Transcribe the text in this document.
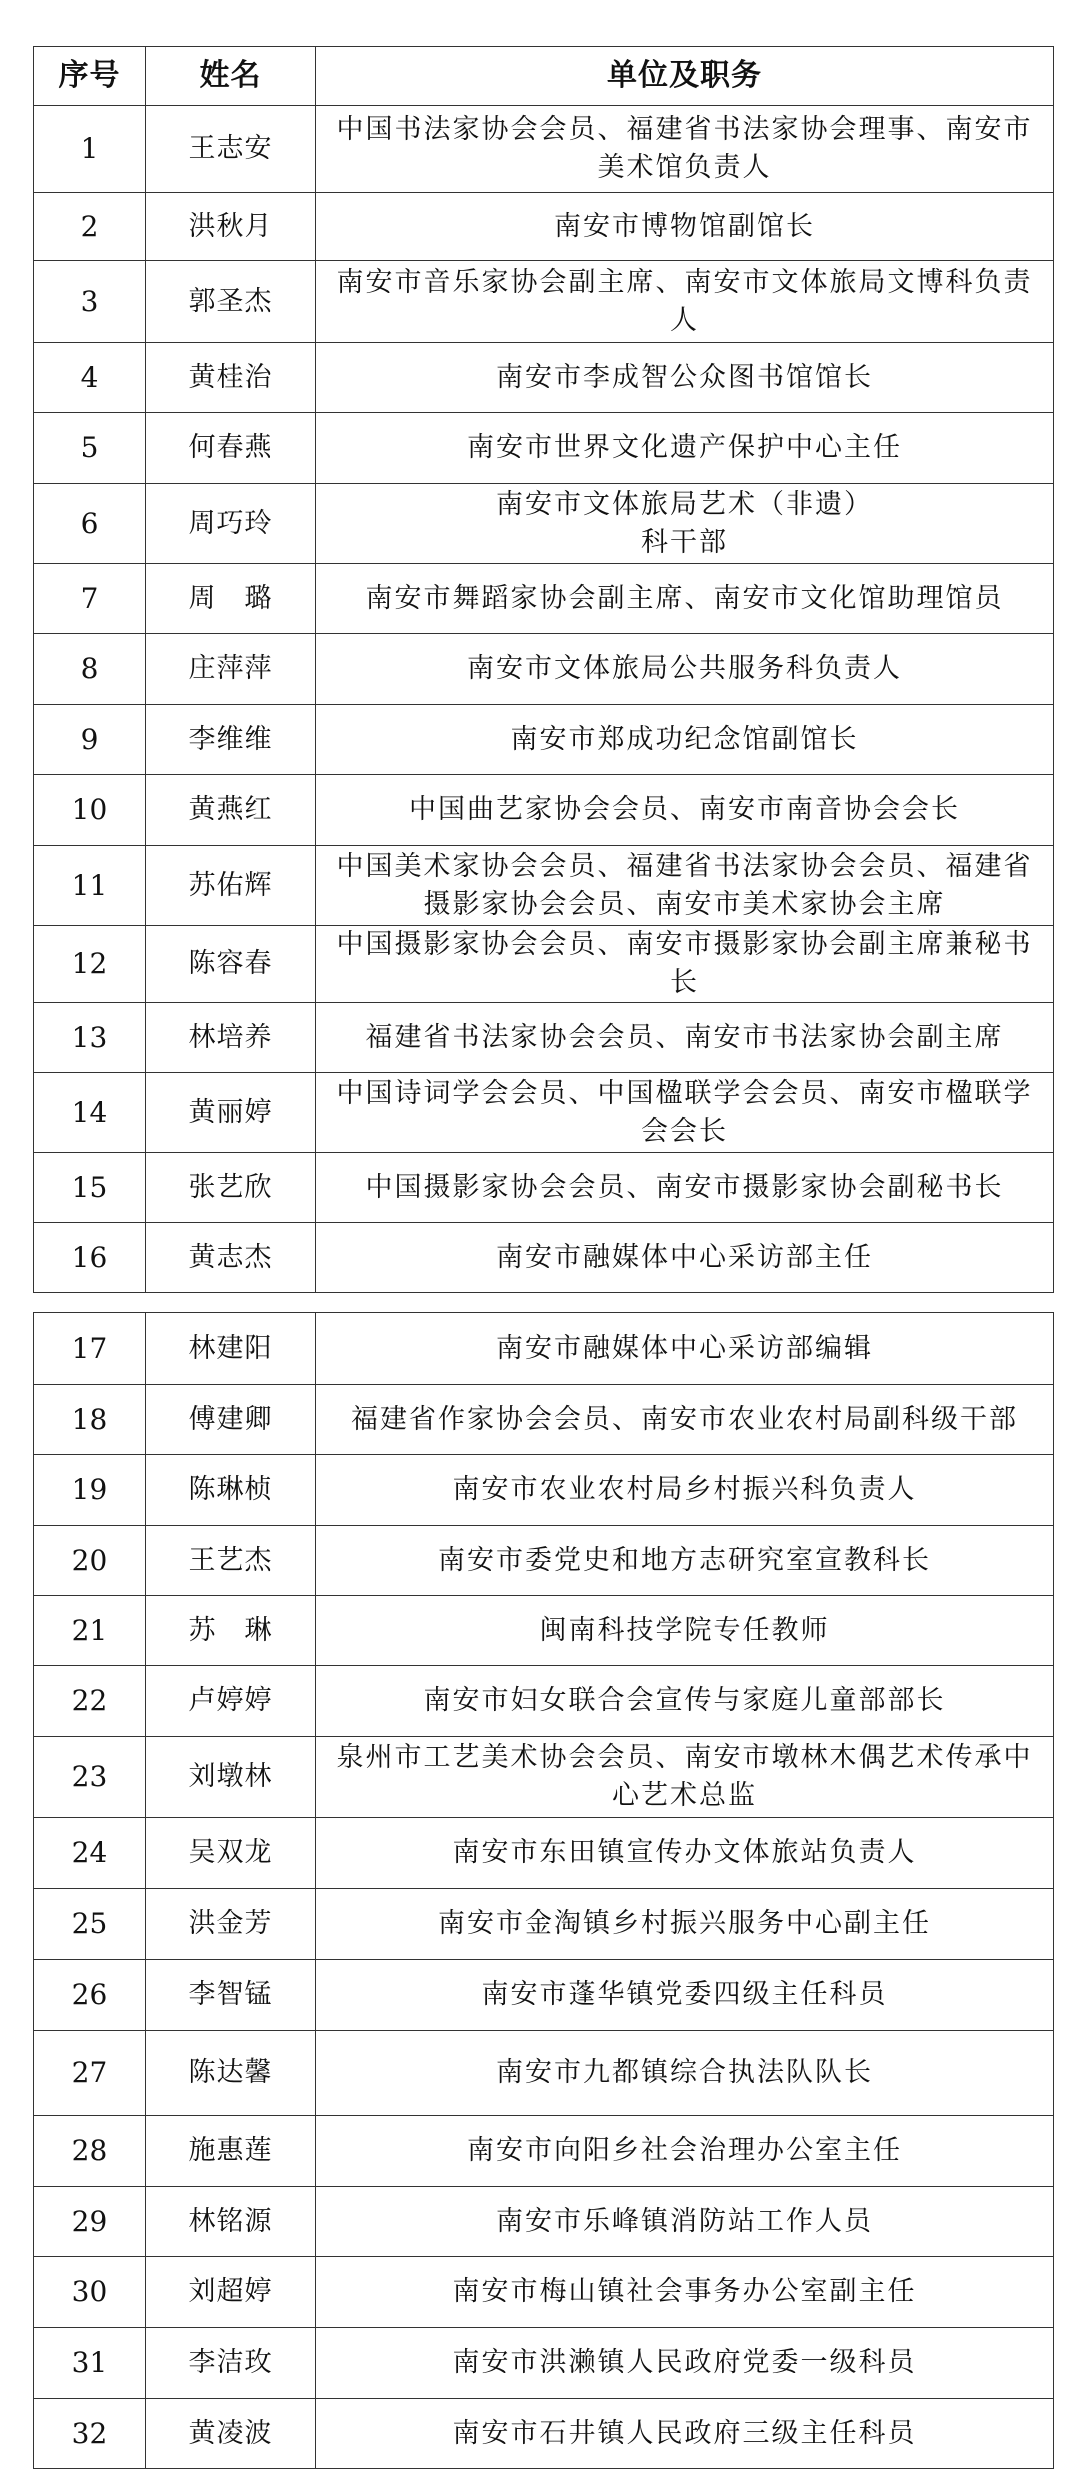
序号	姓名	单位及职务
1	王志安	中国书法家协会会员、福建省书法家协会理事、南安市美术馆负责人
2	洪秋月	南安市博物馆副馆长
3	郭圣杰	南安市音乐家协会副主席、南安市文体旅局文博科负责人
4	黄桂治	南安市李成智公众图书馆馆长
5	何春燕	南安市世界文化遗产保护中心主任
6	周巧玲	南安市文体旅局艺术（非遗）科干部
7	周　璐	南安市舞蹈家协会副主席、南安市文化馆助理馆员
8	庄萍萍	南安市文体旅局公共服务科负责人
9	李维维	南安市郑成功纪念馆副馆长
10	黄燕红	中国曲艺家协会会员、南安市南音协会会长
11	苏佑辉	中国美术家协会会员、福建省书法家协会会员、福建省摄影家协会会员、南安市美术家协会主席
12	陈容春	中国摄影家协会会员、南安市摄影家协会副主席兼秘书长
13	林培养	福建省书法家协会会员、南安市书法家协会副主席
14	黄丽婷	中国诗词学会会员、中国楹联学会会员、南安市楹联学会会长
15	张艺欣	中国摄影家协会会员、南安市摄影家协会副秘书长
16	黄志杰	南安市融媒体中心采访部主任
17	林建阳	南安市融媒体中心采访部编辑
18	傅建卿	福建省作家协会会员、南安市农业农村局副科级干部
19	陈琳桢	南安市农业农村局乡村振兴科负责人
20	王艺杰	南安市委党史和地方志研究室宣教科长
21	苏　琳	闽南科技学院专任教师
22	卢婷婷	南安市妇女联合会宣传与家庭儿童部部长
23	刘墩林	泉州市工艺美术协会会员、南安市墩林木偶艺术传承中心艺术总监
24	吴双龙	南安市东田镇宣传办文体旅站负责人
25	洪金芳	南安市金淘镇乡村振兴服务中心副主任
26	李智锰	南安市蓬华镇党委四级主任科员
27	陈达馨	南安市九都镇综合执法队队长
28	施惠莲	南安市向阳乡社会治理办公室主任
29	林铭源	南安市乐峰镇消防站工作人员
30	刘超婷	南安市梅山镇社会事务办公室副主任
31	李洁玫	南安市洪濑镇人民政府党委一级科员
32	黄凌波	南安市石井镇人民政府三级主任科员
